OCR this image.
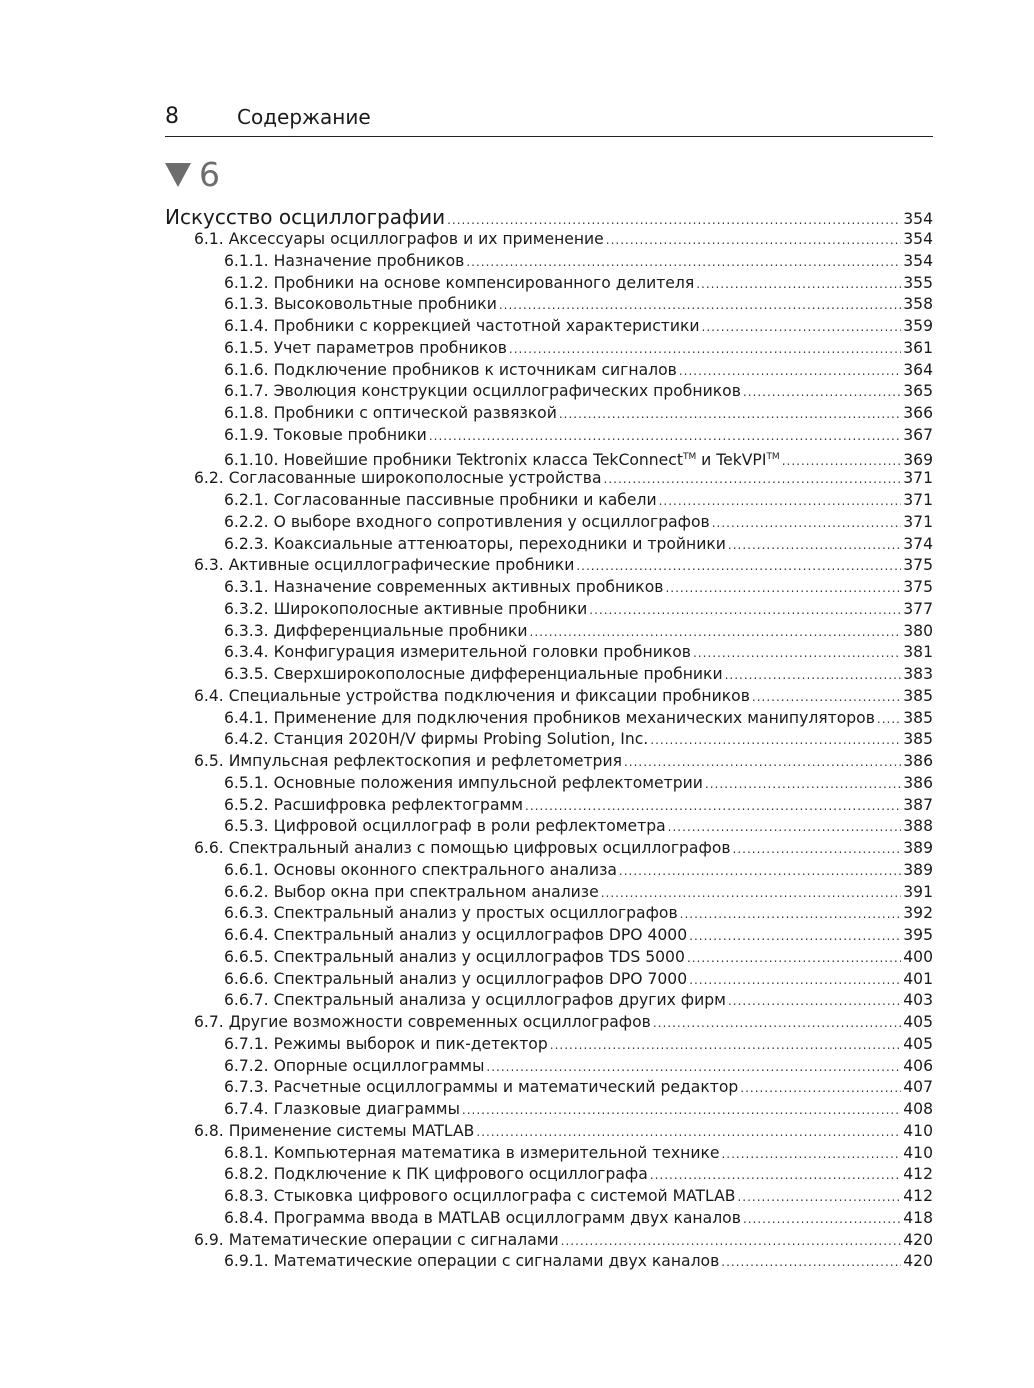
8	Содержание
6
Искусство осциллографии .....	354
6.1. Аксессуары осциллографов и их применение .....	354
6.1.1. Назначение пробников .....	354
6.1.2. Пробники на основе компенсированного делителя .....	355
6.1.3. Высоковольтные пробники .....	358
6.1.4. Пробники с коррекцией частотной характеристики .....	359
6.1.5. Учет параметров пробников .....	361
6.1.6. Подключение пробников к источникам сигналов .....	364
6.1.7. Эволюция конструкции осциллографических пробников .....	365
6.1.8. Пробники с оптической развязкой .....	366
6.1.9. Токовые пробники .....	367
6.1.10. Новейшие пробники Tektronix класса TekConnect™ и TekVPI™ .....	369
6.2. Согласованные широкополосные устройства .....	371
6.2.1. Согласованные пассивные пробники и кабели .....	371
6.2.2. О выборе входного сопротивления у осциллографов .....	371
6.2.3. Коаксиальные аттенюаторы, переходники и тройники .....	374
6.3. Активные осциллографические пробники .....	375
6.3.1. Назначение современных активных пробников .....	375
6.3.2. Широкополосные активные пробники .....	377
6.3.3. Дифференциальные пробники .....	380
6.3.4. Конфигурация измерительной головки пробников .....	381
6.3.5. Сверхширокополосные дифференциальные пробники .....	383
6.4. Специальные устройства подключения и фиксации пробников .....	385
6.4.1. Применение для подключения пробников механических манипуляторов ..... 385
6.4.2. Станция 2020H/V фирмы Probing Solution, Inc. .....	385
6.5. Импульсная рефлектоскопия и рефлетометрия .....	386
6.5.1. Основные положения импульсной рефлектометрии .....	386
6.5.2. Расшифровка рефлектограмм .....	387
6.5.3. Цифровой осциллограф в роли рефлектометра .....	388
6.6. Спектральный анализ с помощью цифровых осциллографов .....	389
6.6.1. Основы оконного спектрального анализа .....	389
6.6.2. Выбор окна при спектральном анализе .....	391
6.6.3. Спектральный анализ у простых осциллографов .....	392
6.6.4. Спектральный анализ у осциллографов DPO 4000 .....	395
6.6.5. Спектральный анализ у осциллографов TDS 5000 .....	400
6.6.6. Спектральный анализ у осциллографов DPO 7000 .....	401
6.6.7. Спектральный анализа у осциллографов других фирм .....	403
6.7. Другие возможности современных осциллографов .....	405
6.7.1. Режимы выборок и пик-детектор .....	405
6.7.2. Опорные осциллограммы .....	406
6.7.3. Расчетные осциллограммы и математический редактор .....	407
6.7.4. Глазковые диаграммы .....	408
6.8. Применение системы MATLAB .....	410
6.8.1. Компьютерная математика в измерительной технике .....	410
6.8.2. Подключение к ПК цифрового осциллографа .....	412
6.8.3. Стыковка цифрового осциллографа с системой MATLAB .....	412
6.8.4. Программа ввода в MATLAB осциллограмм двух каналов .....	418
6.9. Математические операции с сигналами .....	420
6.9.1. Математические операции с сигналами двух каналов .....	420
